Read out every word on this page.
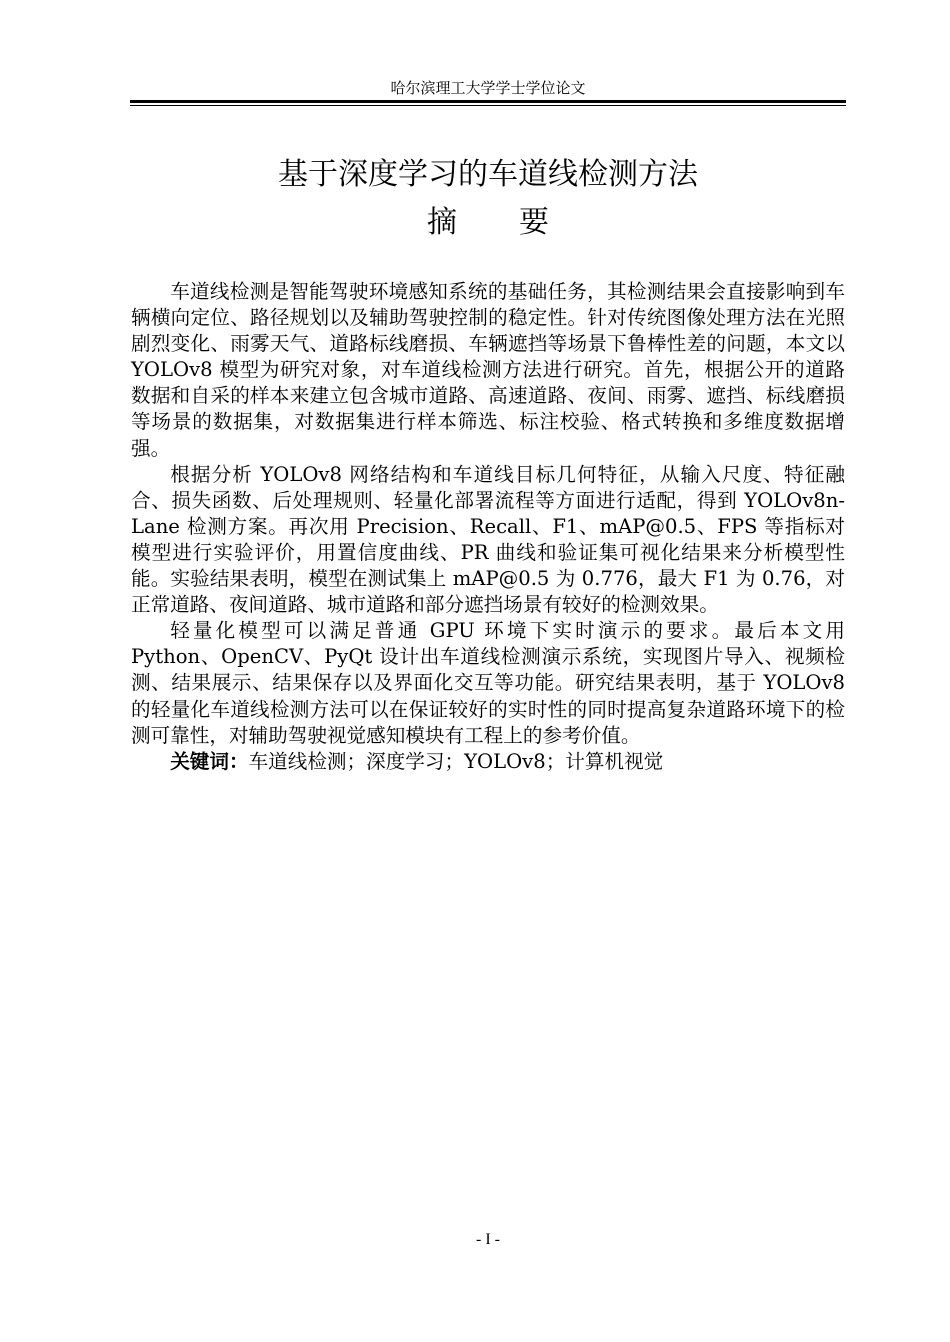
哈尔滨理工大学学士学位论文
基于深度学习的车道线检测方法
摘 要

车道线检测是智能驾驶环境感知系统的基础任务，其检测结果会直接影响到车辆横向定位、路径规划以及辅助驾驶控制的稳定性。针对传统图像处理方法在光照剧烈变化、雨雾天气、道路标线磨损、车辆遮挡等场景下鲁棒性差的问题，本文以 YOLOv8 模型为研究对象，对车道线检测方法进行研究。首先，根据公开的道路数据和自采的样本来建立包含城市道路、高速道路、夜间、雨雾、遮挡、标线磨损等场景的数据集，对数据集进行样本筛选、标注校验、格式转换和多维度数据增强。

根据分析 YOLOv8 网络结构和车道线目标几何特征，从输入尺度、特征融合、损失函数、后处理规则、轻量化部署流程等方面进行适配，得到 YOLOv8n-Lane 检测方案。再次用 Precision、Recall、F1、mAP@0.5、FPS 等指标对模型进行实验评价，用置信度曲线、PR 曲线和验证集可视化结果来分析模型性能。实验结果表明，模型在测试集上 mAP@0.5 为 0.776，最大 F1 为 0.76，对正常道路、夜间道路、城市道路和部分遮挡场景有较好的检测效果。

轻量化模型可以满足普通 GPU 环境下实时演示的要求。最后本文用 Python、OpenCV、PyQt 设计出车道线检测演示系统，实现图片导入、视频检测、结果展示、结果保存以及界面化交互等功能。研究结果表明，基于 YOLOv8 的轻量化车道线检测方法可以在保证较好的实时性的同时提高复杂道路环境下的检测可靠性，对辅助驾驶视觉感知模块有工程上的参考价值。

关键词：车道线检测；深度学习；YOLOv8；计算机视觉

- I -
